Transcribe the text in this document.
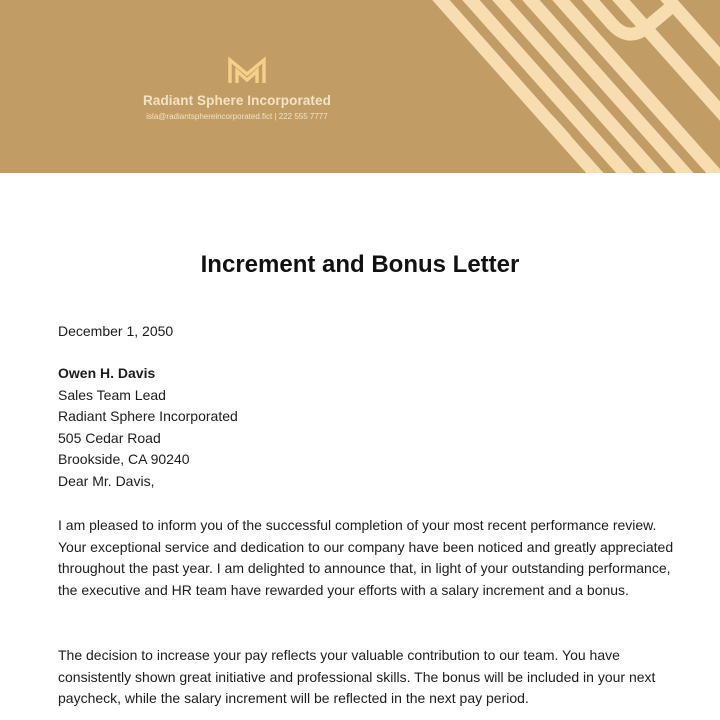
Radiant Sphere Incorporated
isla@radiantsphereincorporated.fict | 222 555 7777
Increment and Bonus Letter
December 1, 2050
Owen H. Davis
Sales Team Lead
Radiant Sphere Incorporated
505 Cedar Road
Brookside, CA 90240
Dear Mr. Davis,
I am pleased to inform you of the successful completion of your most recent performance review. Your exceptional service and dedication to our company have been noticed and greatly appreciated throughout the past year. I am delighted to announce that, in light of your outstanding performance, the executive and HR team have rewarded your efforts with a salary increment and a bonus.
The decision to increase your pay reflects your valuable contribution to our team. You have consistently shown great initiative and professional skills. The bonus will be included in your next paycheck, while the salary increment will be reflected in the next pay period.
